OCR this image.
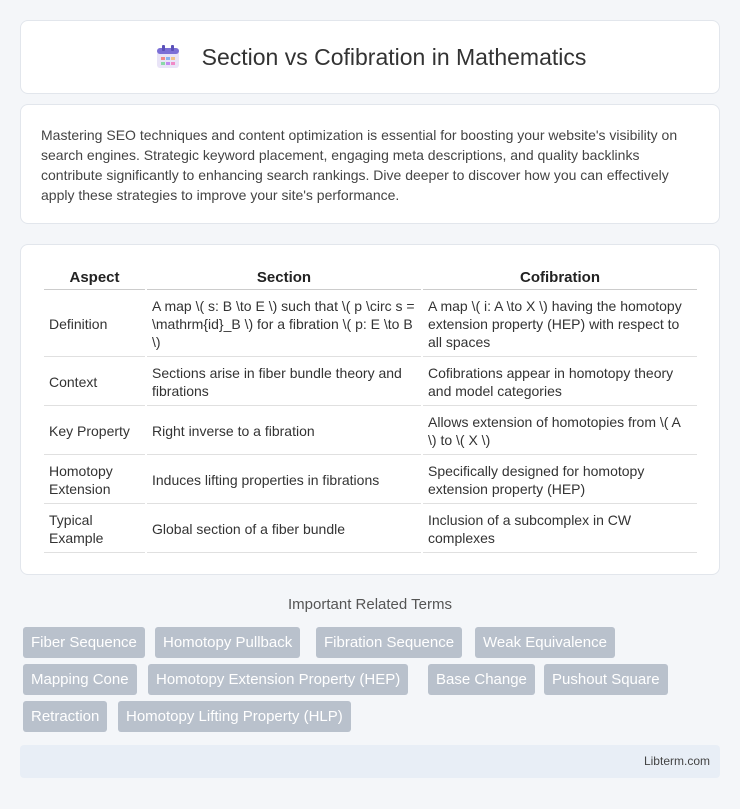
Section vs Cofibration in Mathematics

Mastering SEO techniques and content optimization is essential for boosting your website's visibility on search engines. Strategic keyword placement, engaging meta descriptions, and quality backlinks contribute significantly to enhancing search rankings. Dive deeper to discover how you can effectively apply these strategies to improve your site's performance.

Aspect	Section	Cofibration
Definition	A map \( s: B \to E \) such that \( p \circ s = \mathrm{id}_B \) for a fibration \( p: E \to B \)	A map \( i: A \to X \) having the homotopy extension property (HEP) with respect to all spaces
Context	Sections arise in fiber bundle theory and fibrations	Cofibrations appear in homotopy theory and model categories
Key Property	Right inverse to a fibration	Allows extension of homotopies from \( A \) to \( X \)
Homotopy Extension	Induces lifting properties in fibrations	Specifically designed for homotopy extension property (HEP)
Typical Example	Global section of a fiber bundle	Inclusion of a subcomplex in CW complexes
Important Related Terms
Fiber Sequence	Homotopy Pullback	Fibration Sequence	Weak Equivalence
Mapping Cone	Homotopy Extension Property (HEP)	Base Change	Pushout Square
Retraction	Homotopy Lifting Property (HLP)
Libterm.com
